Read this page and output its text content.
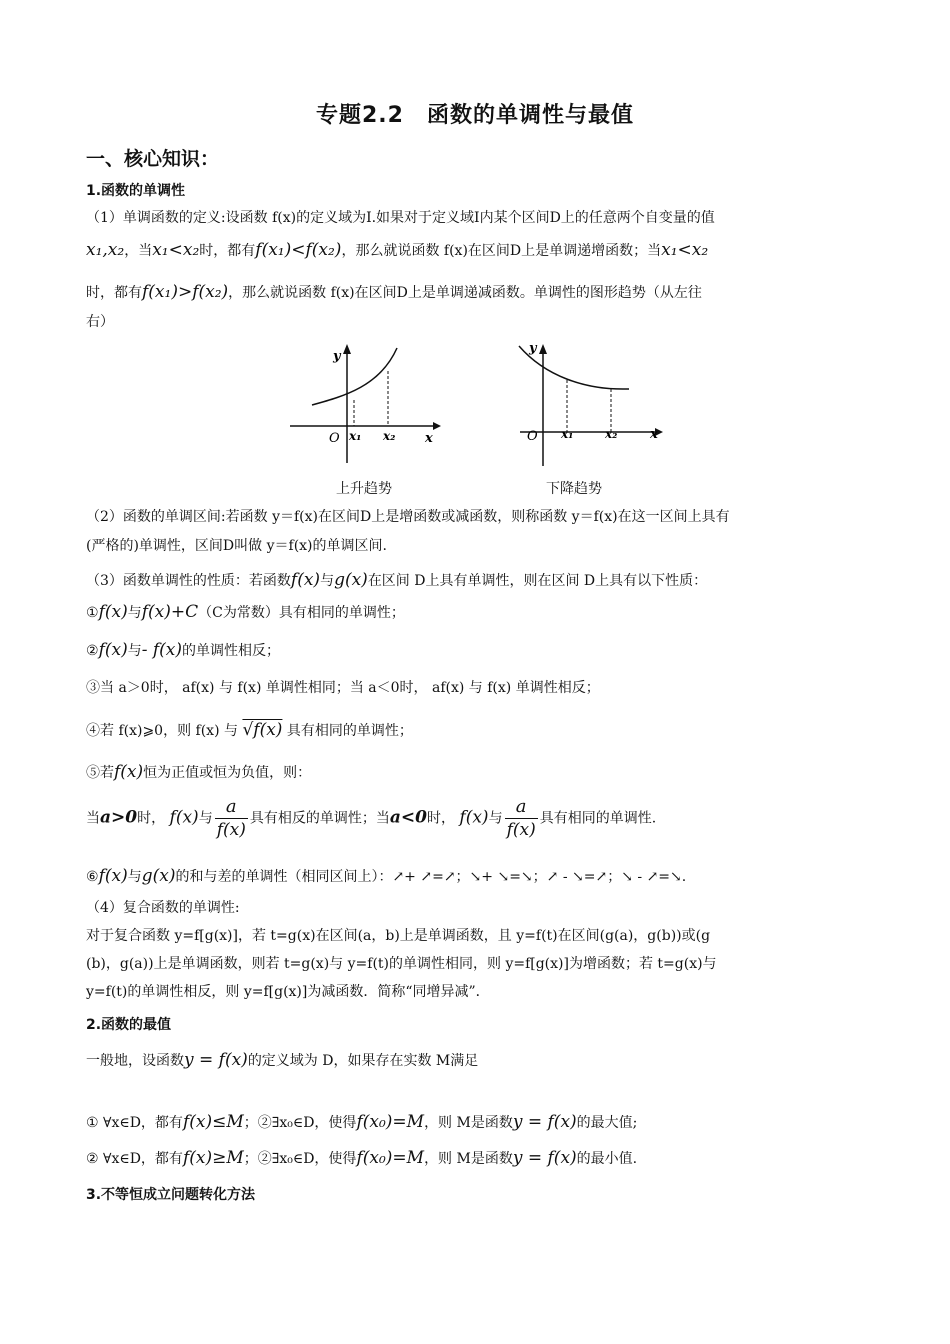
专题2.2　函数的单调性与最值
一、核心知识：
1.函数的单调性
（1）单调函数的定义:设函数 f(x)的定义域为I.如果对于定义域I内某个区间D上的任意两个自变量的值
x₁,x₂，当x₁<x₂时，都有f(x₁)<f(x₂)，那么就说函数 f(x)在区间D上是单调递增函数；当x₁<x₂
时，都有f(x₁)>f(x₂)，那么就说函数 f(x)在区间D上是单调递减函数。单调性的图形趋势（从左往
右）
y
x
O x₁ x₂
上升趋势
y
x
O x₁	x₂
下降趋势
（2）函数的单调区间:若函数 y＝f(x)在区间D上是增函数或减函数，则称函数 y＝f(x)在这一区间上具有
(严格的)单调性，区间D叫做 y＝f(x)的单调区间.
（3）函数单调性的性质：若函数f(x)与g(x)在区间 D上具有单调性，则在区间 D上具有以下性质：
①f(x)与f(x)+C（C为常数）具有相同的单调性；
②f(x)与- f(x)的单调性相反；
③当 a＞0时， af(x) 与 f(x) 单调性相同；当 a＜0时， af(x) 与 f(x) 单调性相反；
④若 f(x)⩾0，则 f(x) 与 √f(x) 具有相同的单调性；
⑤若f(x)恒为正值或恒为负值，则：
当a>0时， f(x)与 $\frac{a}{f(x)}$ 具有相反的单调性；当a<0时， f(x)与 $\frac{a}{f(x)}$ 具有相同的单调性.
⑥f(x)与g(x)的和与差的单调性（相同区间上）：↗+ ↗=↗；↘+ ↘=↘；↗ - ↘=↗；↘ - ↗=↘.
（4）复合函数的单调性:
对于复合函数 y=f[g(x)]，若 t=g(x)在区间(a，b)上是单调函数，且 y=f(t)在区间(g(a)，g(b))或(g
(b)，g(a))上是单调函数，则若 t=g(x)与 y=f(t)的单调性相同，则 y=f[g(x)]为增函数；若 t=g(x)与
y=f(t)的单调性相反，则 y=f[g(x)]为减函数．简称“同增异减”．
2.函数的最值
一般地，设函数y = f(x)的定义域为 D，如果存在实数 M满足
① ∀x∈D，都有f(x)≤M；②∃x₀∈D，使得f(x₀)=M，则 M是函数y = f(x)的最大值;
② ∀x∈D，都有f(x)≥M；②∃x₀∈D，使得f(x₀)=M，则 M是函数y = f(x)的最小值.
3.不等恒成立问题转化方法
